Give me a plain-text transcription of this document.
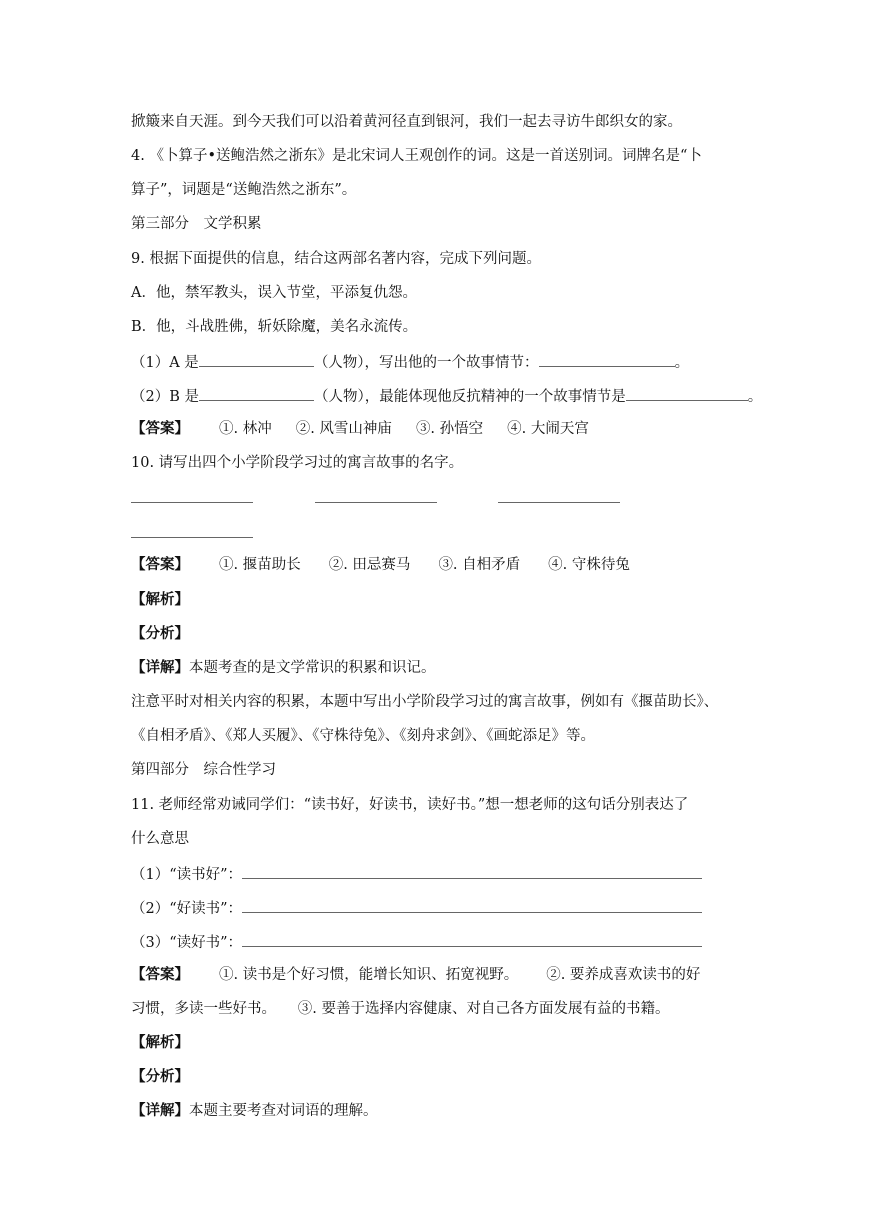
掀簸来自天涯。到今天我们可以沿着黄河径直到银河，我们一起去寻访牛郎织女的家。
4. 《卜算子•送鲍浩然之浙东》是北宋词人王观创作的词。这是一首送别词。词牌名是“卜
算子”，词题是“送鲍浩然之浙东”。
第三部分　文学积累
9. 根据下面提供的信息，结合这两部名著内容，完成下列问题。
A．他，禁军教头，误入节堂，平添复仇怨。
B．他，斗战胜佛，斩妖除魔，美名永流传。
（1）A 是	（人物），写出他的一个故事情节：	。
（2）B 是	（人物），最能体现他反抗精神的一个故事情节是	。
【答案】 ①. 林冲 ②. 风雪山神庙 ③. 孙悟空 ④. 大闹天宫
10. 请写出四个小学阶段学习过的寓言故事的名字。
【答案】 ①. 揠苗助长 ②. 田忌赛马 ③. 自相矛盾 ④. 守株待兔
【解析】
【分析】
【详解】本题考查的是文学常识的积累和识记。
注意平时对相关内容的积累，本题中写出小学阶段学习过的寓言故事，例如有《揠苗助长》、
《自相矛盾》、《郑人买履》、《守株待兔》、《刻舟求剑》、《画蛇添足》等。
第四部分　综合性学习
11. 老师经常劝诫同学们：“读书好，好读书，读好书。”想一想老师的这句话分别表达了
什么意思
（1）“读书好”：
（2）“好读书”：
（3）“读好书”：
【答案】 ①. 读书是个好习惯，能增长知识、拓宽视野。 ②. 要养成喜欢读书的好
习惯，多读一些好书。　　③. 要善于选择内容健康、对自己各方面发展有益的书籍。
【解析】
【分析】
【详解】本题主要考查对词语的理解。
